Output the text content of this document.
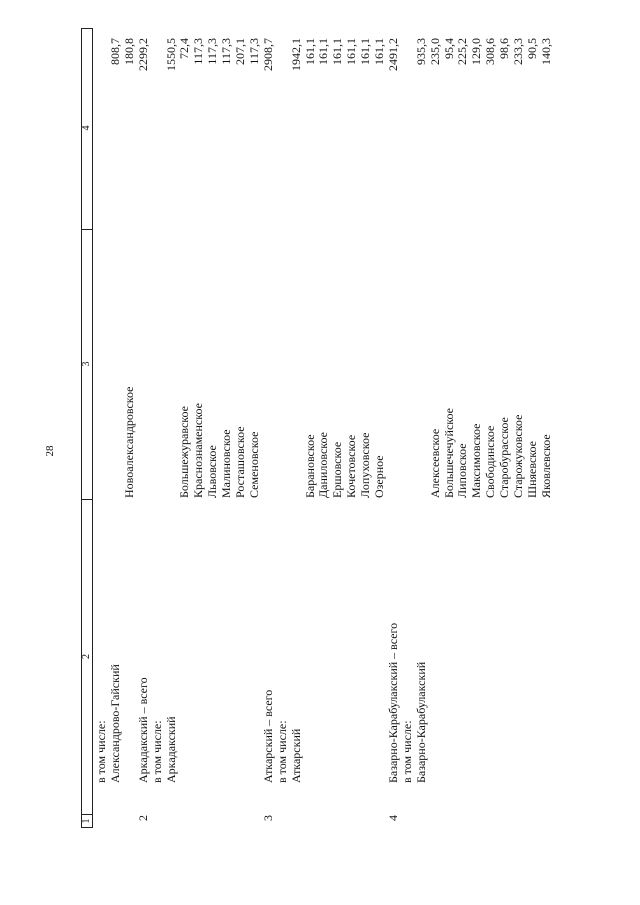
28
1
2
3
4
в том числе: Александрово-Гайский
808,7
Новоалександровское
180,8
2
Аркадакский – всего
2299,2
в том числе: Аркадакский
1550,5
Большежуравское
72,4
Краснознаменское
117,3
Львовское
117,3
Малиновское
117,3
Росташовское
207,1
Семеновское
117,3
3
Аткарский – всего
2908,7
в том числе: Аткарский
1942,1
Барановское
161,1
Даниловское
161,1
Ершовское
161,1
Кочетовское
161,1
Лопуховское
161,1
Озерное
161,1
4
Базарно-Карабулакский – всего
2491,2
в том числе: Базарно-Карабулакский
935,3
Алексеевское
235,0
Большечечуйское
95,4
Липовское
225,2
Максимовское
129,0
Свободинское
308,6
Старобурасское
98,6
Старожуковское
233,3
Шняевское
90,5
Яковлевское
140,3
